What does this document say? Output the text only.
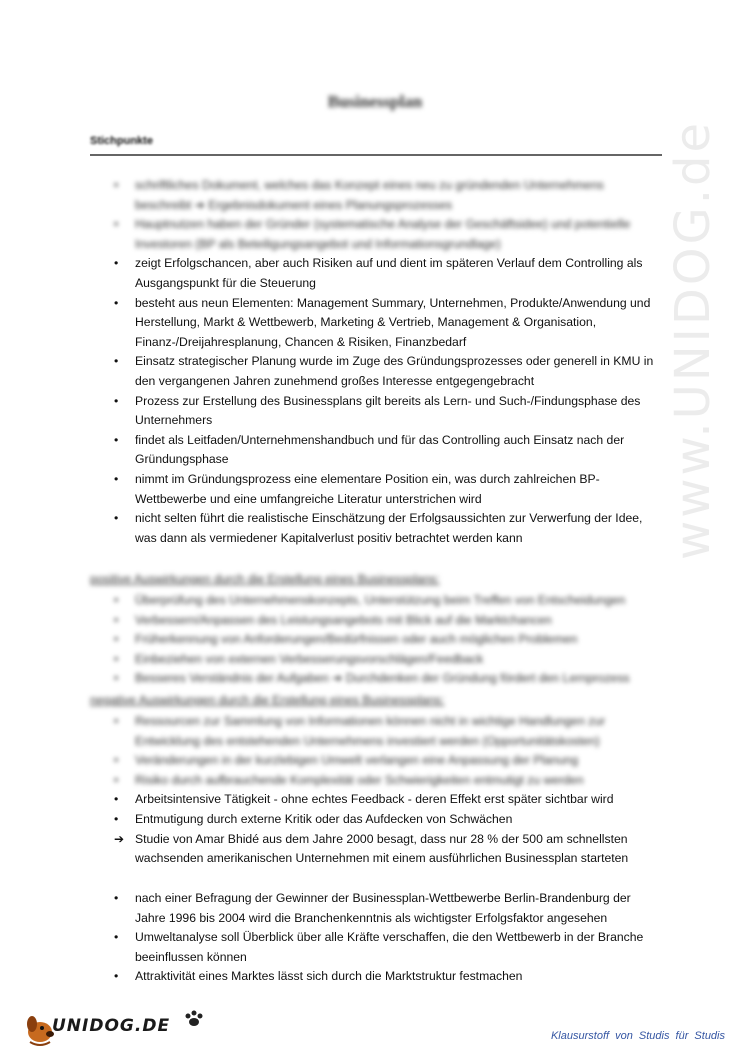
www.UNIDOG.de
Businessplan
Stichpunkte
• schriftliches Dokument, welches das Konzept eines neu zu gründenden Unternehmens beschreibt ➔ Ergebnisdokument eines Planungsprozesses
• Hauptnutzen haben der Gründer (systematische Analyse der Geschäftsidee) und potentielle Investoren (BP als Beteiligungsangebot und Informationsgrundlage)
• zeigt Erfolgschancen, aber auch Risiken auf und dient im späteren Verlauf dem Controlling als Ausgangspunkt für die Steuerung
• besteht aus neun Elementen: Management Summary, Unternehmen, Produkte/Anwendung und Herstellung, Markt & Wettbewerb, Marketing & Vertrieb, Management & Organisation, Finanz-/Dreijahresplanung, Chancen & Risiken, Finanzbedarf
• Einsatz strategischer Planung wurde im Zuge des Gründungsprozesses oder generell in KMU in den vergangenen Jahren zunehmend großes Interesse entgegengebracht
• Prozess zur Erstellung des Businessplans gilt bereits als Lern- und Such-/Findungsphase des Unternehmers
• findet als Leitfaden/Unternehmenshandbuch und für das Controlling auch Einsatz nach der Gründungsphase
• nimmt im Gründungsprozess eine elementare Position ein, was durch zahlreichen BP-Wettbewerbe und eine umfangreiche Literatur unterstrichen wird
• nicht selten führt die realistische Einschätzung der Erfolgsaussichten zur Verwerfung der Idee, was dann als vermiedener Kapitalverlust positiv betrachtet werden kann
positive Auswirkungen durch die Erstellung eines Businessplans:
• Überprüfung des Unternehmenskonzepts, Unterstützung beim Treffen von Entscheidungen
• Verbessern/Anpassen des Leistungsangebots mit Blick auf die Marktchancen
• Früherkennung von Anforderungen/Bedürfnissen oder auch möglichen Problemen
• Einbeziehen von externen Verbesserungsvorschlägen/Feedback
• Besseres Verständnis der Aufgaben ➔ Durchdenken der Gründung fördert den Lernprozess
negative Auswirkungen durch die Erstellung eines Businessplans:
• Ressourcen zur Sammlung von Informationen können nicht in wichtige Handlungen zur Entwicklung des entstehenden Unternehmens investiert werden (Opportunitätskosten)
• Veränderungen in der kurzlebigen Umwelt verlangen eine Anpassung der Planung
• Risiko durch aufbrauchende Komplexität oder Schwierigkeiten entmutigt zu werden
• Arbeitsintensive Tätigkeit - ohne echtes Feedback - deren Effekt erst später sichtbar wird
• Entmutigung durch externe Kritik oder das Aufdecken von Schwächen
➔ Studie von Amar Bhidé aus dem Jahre 2000 besagt, dass nur 28 % der 500 am schnellsten wachsenden amerikanischen Unternehmen mit einem ausführlichen Businessplan starteten
• nach einer Befragung der Gewinner der Businessplan-Wettbewerbe Berlin-Brandenburg der Jahre 1996 bis 2004 wird die Branchenkenntnis als wichtigster Erfolgsfaktor angesehen
• Umweltanalyse soll Überblick über alle Kräfte verschaffen, die den Wettbewerb in der Branche beeinflussen können
• Attraktivität eines Marktes lässt sich durch die Marktstruktur festmachen
UNIDOG.DE	Klausurstoff von Studis für Studis
